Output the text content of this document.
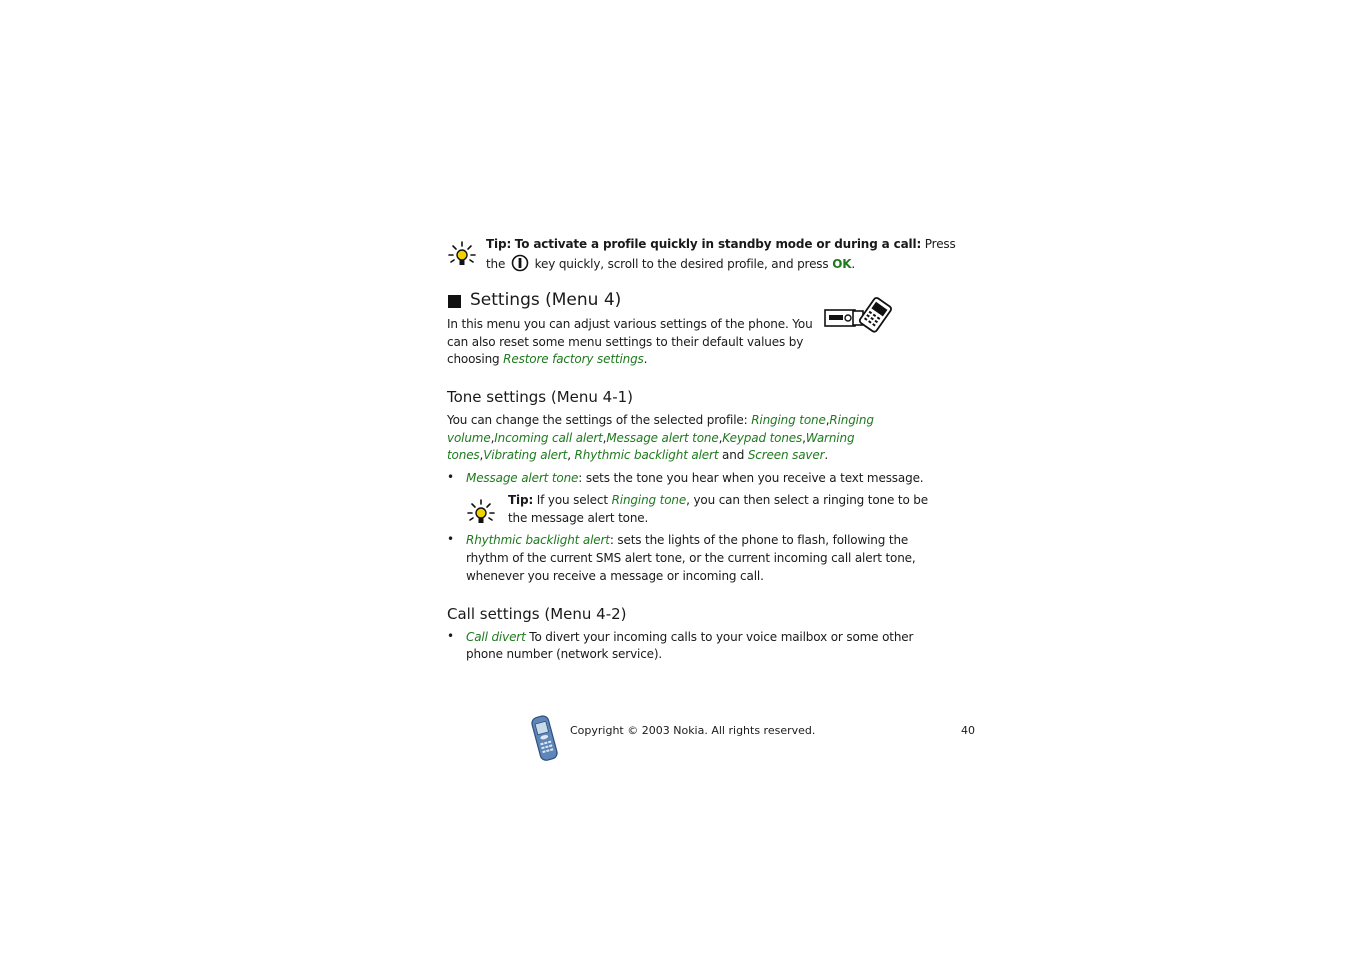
Tip: To activate a profile quickly in standby mode or during a call: Press
the key quickly, scroll to the desired profile, and press OK.
Settings (Menu 4)
In this menu you can adjust various settings of the phone. You
can also reset some menu settings to their default values by
choosing Restore factory settings.
Tone settings (Menu 4-1)
You can change the settings of the selected profile: Ringing tone,Ringing
volume,Incoming call alert,Message alert tone,Keypad tones,Warning
tones,Vibrating alert, Rhythmic backlight alert and Screen saver.
• Message alert tone: sets the tone you hear when you receive a text message.
Tip: If you select Ringing tone, you can then select a ringing tone to be
the message alert tone.
• Rhythmic backlight alert: sets the lights of the phone to flash, following the
rhythm of the current SMS alert tone, or the current incoming call alert tone,
whenever you receive a message or incoming call.
Call settings (Menu 4-2)
• Call divert To divert your incoming calls to your voice mailbox or some other
phone number (network service).
Copyright © 2003 Nokia. All rights reserved.	40
